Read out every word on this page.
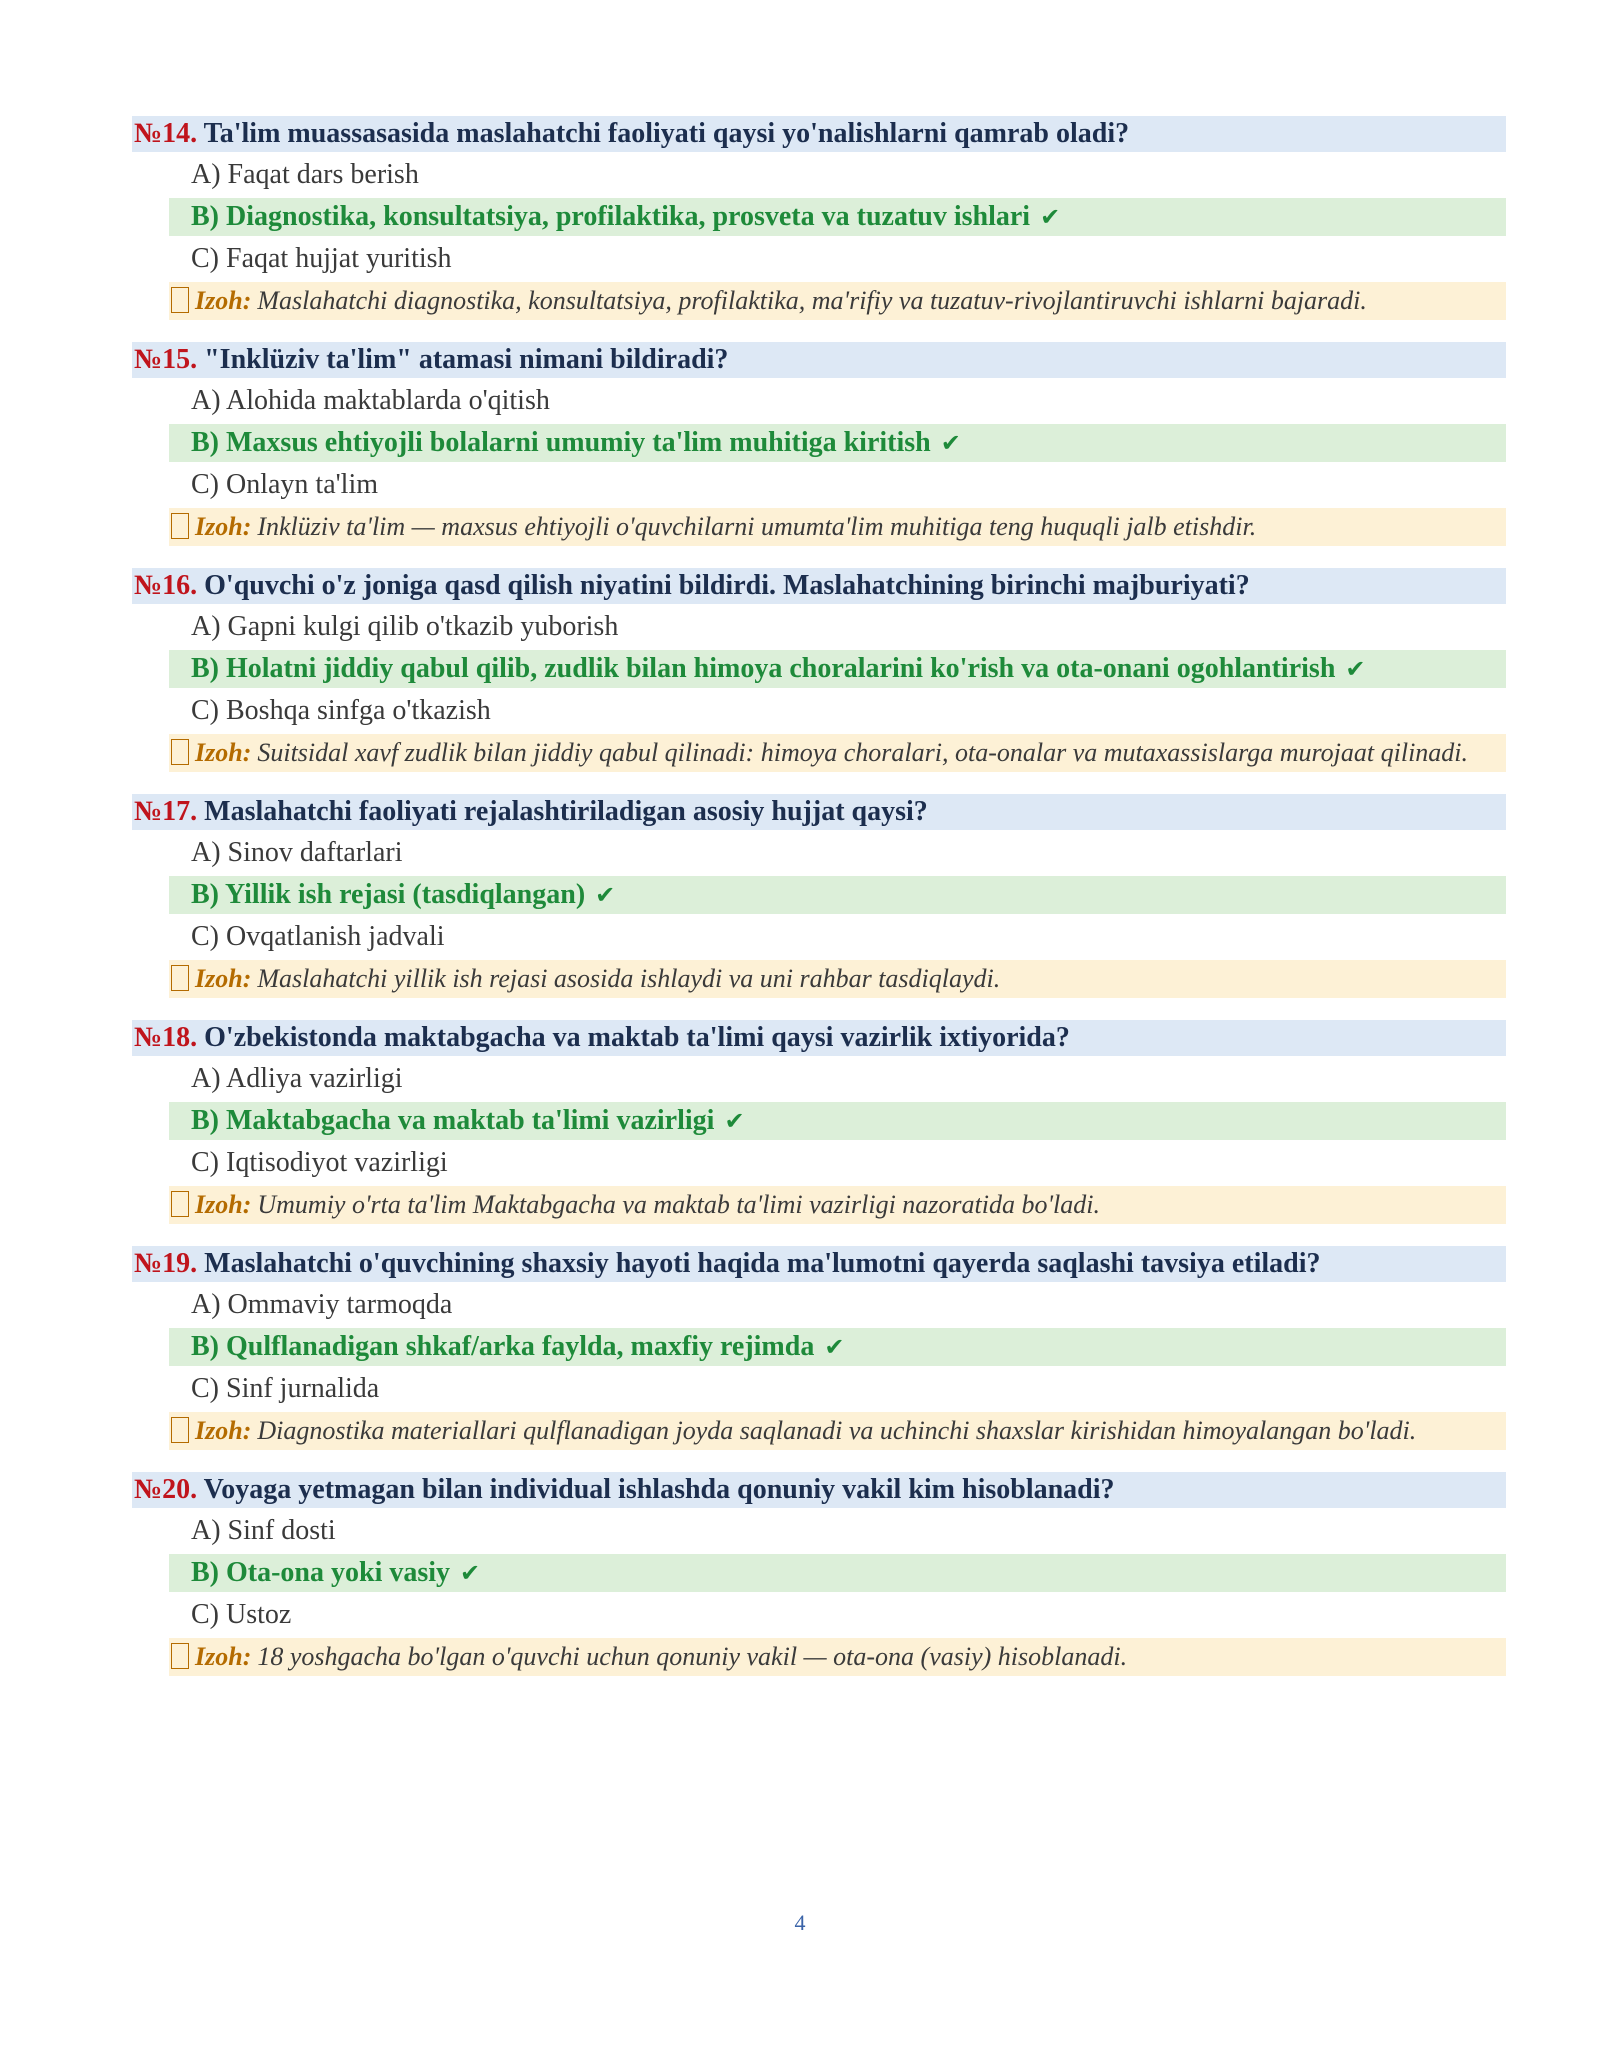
№14. Ta'lim muassasasida maslahatchi faoliyati qaysi yo'nalishlarni qamrab oladi?
A) Faqat dars berish
B) Diagnostika, konsultatsiya, profilaktika, prosveta va tuzatuv ishlari ✔
C) Faqat hujjat yuritish
Izoh: Maslahatchi diagnostika, konsultatsiya, profilaktika, ma'rifiy va tuzatuv-rivojlantiruvchi ishlarni bajaradi.
№15. "Inklüziv ta'lim" atamasi nimani bildiradi?
A) Alohida maktablarda o'qitish
B) Maxsus ehtiyojli bolalarni umumiy ta'lim muhitiga kiritish ✔
C) Onlayn ta'lim
Izoh: Inklüziv ta'lim — maxsus ehtiyojli o'quvchilarni umumta'lim muhitiga teng huquqli jalb etishdir.
№16. O'quvchi o'z joniga qasd qilish niyatini bildirdi. Maslahatchining birinchi majburiyati?
A) Gapni kulgi qilib o'tkazib yuborish
B) Holatni jiddiy qabul qilib, zudlik bilan himoya choralarini ko'rish va ota-onani ogohlantirish ✔
C) Boshqa sinfga o'tkazish
Izoh: Suitsidal xavf zudlik bilan jiddiy qabul qilinadi: himoya choralari, ota-onalar va mutaxassislarga murojaat qilinadi.
№17. Maslahatchi faoliyati rejalashtiriladigan asosiy hujjat qaysi?
A) Sinov daftarlari
B) Yillik ish rejasi (tasdiqlangan) ✔
C) Ovqatlanish jadvali
Izoh: Maslahatchi yillik ish rejasi asosida ishlaydi va uni rahbar tasdiqlaydi.
№18. O'zbekistonda maktabgacha va maktab ta'limi qaysi vazirlik ixtiyorida?
A) Adliya vazirligi
B) Maktabgacha va maktab ta'limi vazirligi ✔
C) Iqtisodiyot vazirligi
Izoh: Umumiy o'rta ta'lim Maktabgacha va maktab ta'limi vazirligi nazoratida bo'ladi.
№19. Maslahatchi o'quvchining shaxsiy hayoti haqida ma'lumotni qayerda saqlashi tavsiya etiladi?
A) Ommaviy tarmoqda
B) Qulflanadigan shkaf/arka faylda, maxfiy rejimda ✔
C) Sinf jurnalida
Izoh: Diagnostika materiallari qulflanadigan joyda saqlanadi va uchinchi shaxslar kirishidan himoyalangan bo'ladi.
№20. Voyaga yetmagan bilan individual ishlashda qonuniy vakil kim hisoblanadi?
A) Sinf dosti
B) Ota-ona yoki vasiy ✔
C) Ustoz
Izoh: 18 yoshgacha bo'lgan o'quvchi uchun qonuniy vakil — ota-ona (vasiy) hisoblanadi.
4
